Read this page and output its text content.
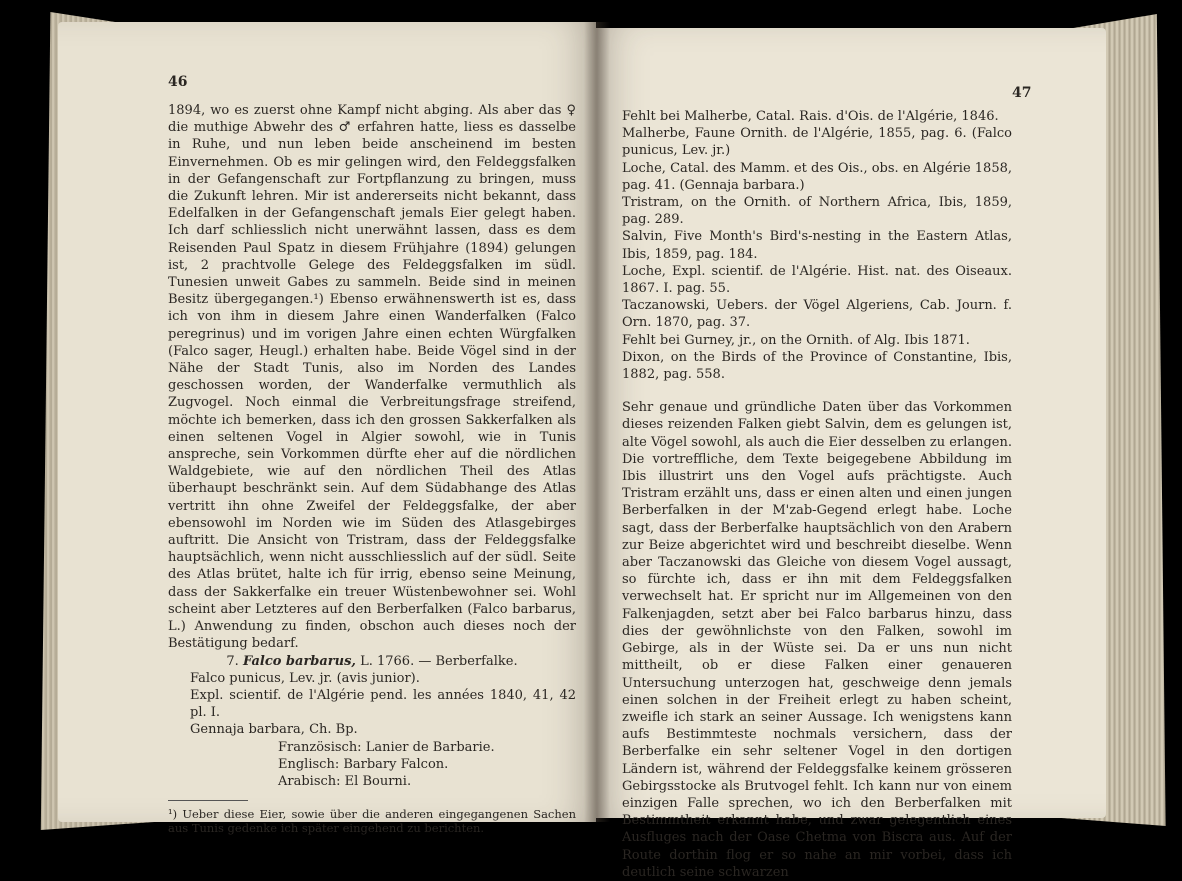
46
47

1894, wo es zuerst ohne Kampf nicht abging. Als aber das ♀ die muthige Abwehr des ♂ erfahren hatte, liess es dasselbe in Ruhe, und nun leben beide anscheinend im besten Einvernehmen. Ob es mir gelingen wird, den Feldeggsfalken in der Gefangenschaft zur Fortpflanzung zu bringen, muss die Zukunft lehren. Mir ist andererseits nicht bekannt, dass Edelfalken in der Gefangenschaft jemals Eier gelegt haben. Ich darf schliesslich nicht unerwähnt lassen, dass es dem Reisenden Paul Spatz in diesem Frühjahre (1894) gelungen ist, 2 prachtvolle Gelege des Feldeggsfalken im südl. Tunesien unweit Gabes zu sammeln. Beide sind in meinen Besitz übergegangen.¹) Ebenso erwähnenswerth ist es, dass ich von ihm in diesem Jahre einen Wanderfalken (Falco peregrinus) und im vorigen Jahre einen echten Würgfalken (Falco sager, Heugl.) erhalten habe. Beide Vögel sind in der Nähe der Stadt Tunis, also im Norden des Landes geschossen worden, der Wanderfalke vermuthlich als Zugvogel. Noch einmal die Verbreitungsfrage streifend, möchte ich bemerken, dass ich den grossen Sakkerfalken als einen seltenen Vogel in Algier sowohl, wie in Tunis anspreche, sein Vorkommen dürfte eher auf die nördlichen Waldgebiete, wie auf den nördlichen Theil des Atlas überhaupt beschränkt sein. Auf dem Südabhange des Atlas vertritt ihn ohne Zweifel der Feldeggsfalke, der aber ebensowohl im Norden wie im Süden des Atlasgebirges auftritt. Die Ansicht von Tristram, dass der Feldeggsfalke hauptsächlich, wenn nicht ausschliesslich auf der südl. Seite des Atlas brütet, halte ich für irrig, ebenso seine Meinung, dass der Sakkerfalke ein treuer Wüstenbewohner sei. Wohl scheint aber Letzteres auf den Berberfalken (Falco barbarus, L.) Anwendung zu finden, obschon auch dieses noch der Bestätigung bedarf.

7. Falco barbarus, L. 1766. — Berberfalke.

Falco punicus, Lev. jr. (avis junior).

Expl. scientif. de l'Algérie pend. les années 1840, 41, 42 pl. I.

Gennaja barbara, Ch. Bp.

Französisch: Lanier de Barbarie.

Englisch: Barbary Falcon.

Arabisch: El Bourni.

¹) Ueber diese Eier, sowie über die anderen eingegangenen Sachen aus Tunis gedenke ich später eingehend zu berichten.

Fehlt bei Malherbe, Catal. Rais. d'Ois. de l'Algérie, 1846.

Malherbe, Faune Ornith. de l'Algérie, 1855, pag. 6. (Falco punicus, Lev. jr.)

Loche, Catal. des Mamm. et des Ois., obs. en Algérie 1858, pag. 41. (Gennaja barbara.)

Tristram, on the Ornith. of Northern Africa, Ibis, 1859, pag. 289.

Salvin, Five Month's Bird's-nesting in the Eastern Atlas, Ibis, 1859, pag. 184.

Loche, Expl. scientif. de l'Algérie. Hist. nat. des Oiseaux. 1867. I. pag. 55.

Taczanowski, Uebers. der Vögel Algeriens, Cab. Journ. f. Orn. 1870, pag. 37.

Fehlt bei Gurney, jr., on the Ornith. of Alg. Ibis 1871.

Dixon, on the Birds of the Province of Constantine, Ibis, 1882, pag. 558.

Sehr genaue und gründliche Daten über das Vorkommen dieses reizenden Falken giebt Salvin, dem es gelungen ist, alte Vögel sowohl, als auch die Eier desselben zu erlangen. Die vortreffliche, dem Texte beigegebene Abbildung im Ibis illustrirt uns den Vogel aufs prächtigste. Auch Tristram erzählt uns, dass er einen alten und einen jungen Berberfalken in der M'zab-Gegend erlegt habe. Loche sagt, dass der Berberfalke hauptsächlich von den Arabern zur Beize abgerichtet wird und beschreibt dieselbe. Wenn aber Taczanowski das Gleiche von diesem Vogel aussagt, so fürchte ich, dass er ihn mit dem Feldeggsfalken verwechselt hat. Er spricht nur im Allgemeinen von den Falkenjagden, setzt aber bei Falco barbarus hinzu, dass dies der gewöhnlichste von den Falken, sowohl im Gebirge, als in der Wüste sei. Da er uns nun nicht mittheilt, ob er diese Falken einer genaueren Untersuchung unterzogen hat, geschweige denn jemals einen solchen in der Freiheit erlegt zu haben scheint, zweifle ich stark an seiner Aussage. Ich wenigstens kann aufs Bestimmteste nochmals versichern, dass der Berberfalke ein sehr seltener Vogel in den dortigen Ländern ist, während der Feldeggsfalke keinem grösseren Gebirgsstocke als Brutvogel fehlt. Ich kann nur von einem einzigen Falle sprechen, wo ich den Berberfalken mit Bestimmtheit erkannt habe, und zwar gelegentlich eines Ausfluges nach der Oase Chetma von Biscra aus. Auf der Route dorthin flog er so nahe an mir vorbei, dass ich deutlich seine schwarzen
